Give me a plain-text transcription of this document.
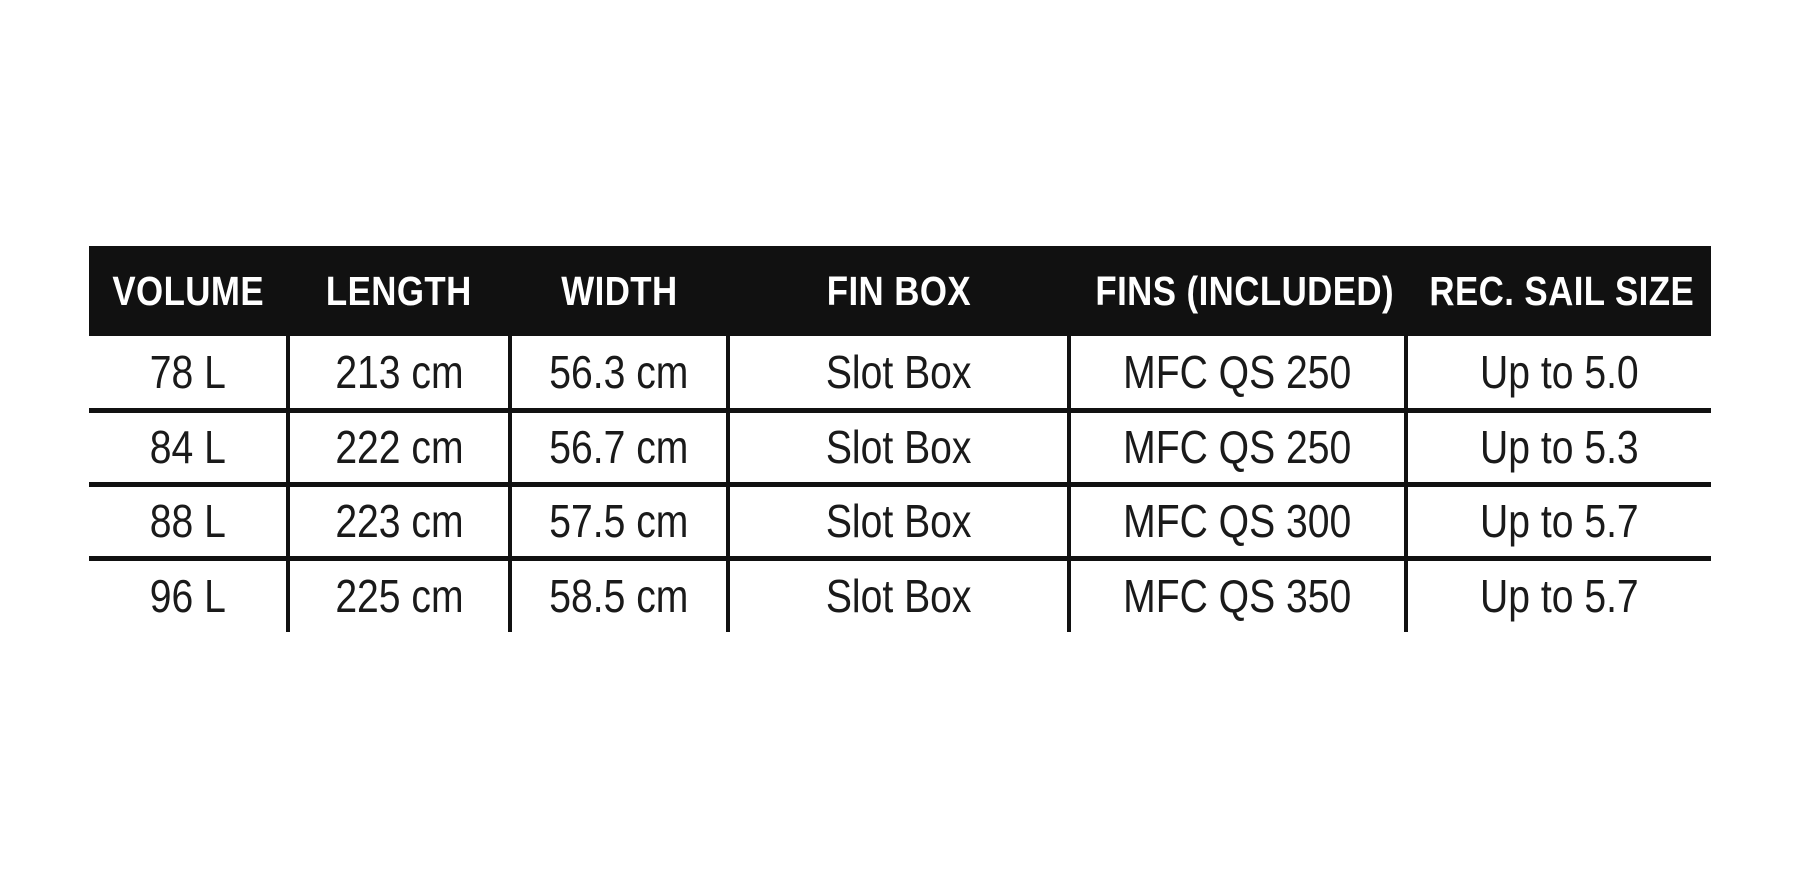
VOLUME	LENGTH	WIDTH	FIN BOX	FINS (INCLUDED)	REC. SAIL SIZE
78 L	213 cm	56.3 cm	Slot Box	MFC QS 250	Up to 5.0
84 L	222 cm	56.7 cm	Slot Box	MFC QS 250	Up to 5.3
88 L	223 cm	57.5 cm	Slot Box	MFC QS 300	Up to 5.7
96 L	225 cm	58.5 cm	Slot Box	MFC QS 350	Up to 5.7
